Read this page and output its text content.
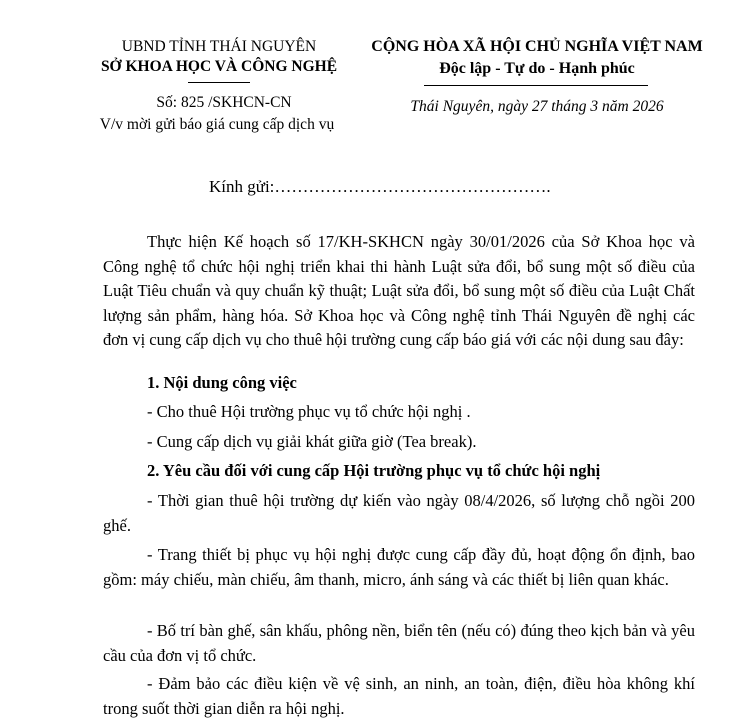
UBND TỈNH THÁI NGUYÊN
SỞ KHOA HỌC VÀ CÔNG NGHỆ
Số: 825 /SKHCN-CN
V/v mời gửi báo giá cung cấp dịch vụ
CỘNG HÒA XÃ HỘI CHỦ NGHĨA VIỆT NAM
Độc lập - Tự do - Hạnh phúc
Thái Nguyên, ngày 27 tháng 3 năm 2026
Kính gửi:………………………………………….
Thực hiện Kế hoạch số 17/KH-SKHCN ngày 30/01/2026 của Sở Khoa học và Công nghệ tổ chức hội nghị triển khai thi hành Luật sửa đổi, bổ sung một số điều của Luật Tiêu chuẩn và quy chuẩn kỹ thuật; Luật sửa đổi, bổ sung một số điều của Luật Chất lượng sản phẩm, hàng hóa. Sở Khoa học và Công nghệ tỉnh Thái Nguyên đề nghị các đơn vị cung cấp dịch vụ cho thuê hội trường cung cấp báo giá với các nội dung sau đây:
1. Nội dung công việc
- Cho thuê Hội trường phục vụ tổ chức hội nghị .
- Cung cấp dịch vụ giải khát giữa giờ (Tea break).
2. Yêu cầu đối với cung cấp Hội trường phục vụ tổ chức hội nghị
- Thời gian thuê hội trường dự kiến vào ngày 08/4/2026, số lượng chỗ ngồi 200 ghế.
- Trang thiết bị phục vụ hội nghị được cung cấp đầy đủ, hoạt động ổn định, bao gồm: máy chiếu, màn chiếu, âm thanh, micro, ánh sáng và các thiết bị liên quan khác.
- Bố trí bàn ghế, sân khấu, phông nền, biển tên (nếu có) đúng theo kịch bản và yêu cầu của đơn vị tổ chức.
- Đảm bảo các điều kiện về vệ sinh, an ninh, an toàn, điện, điều hòa không khí trong suốt thời gian diễn ra hội nghị.
